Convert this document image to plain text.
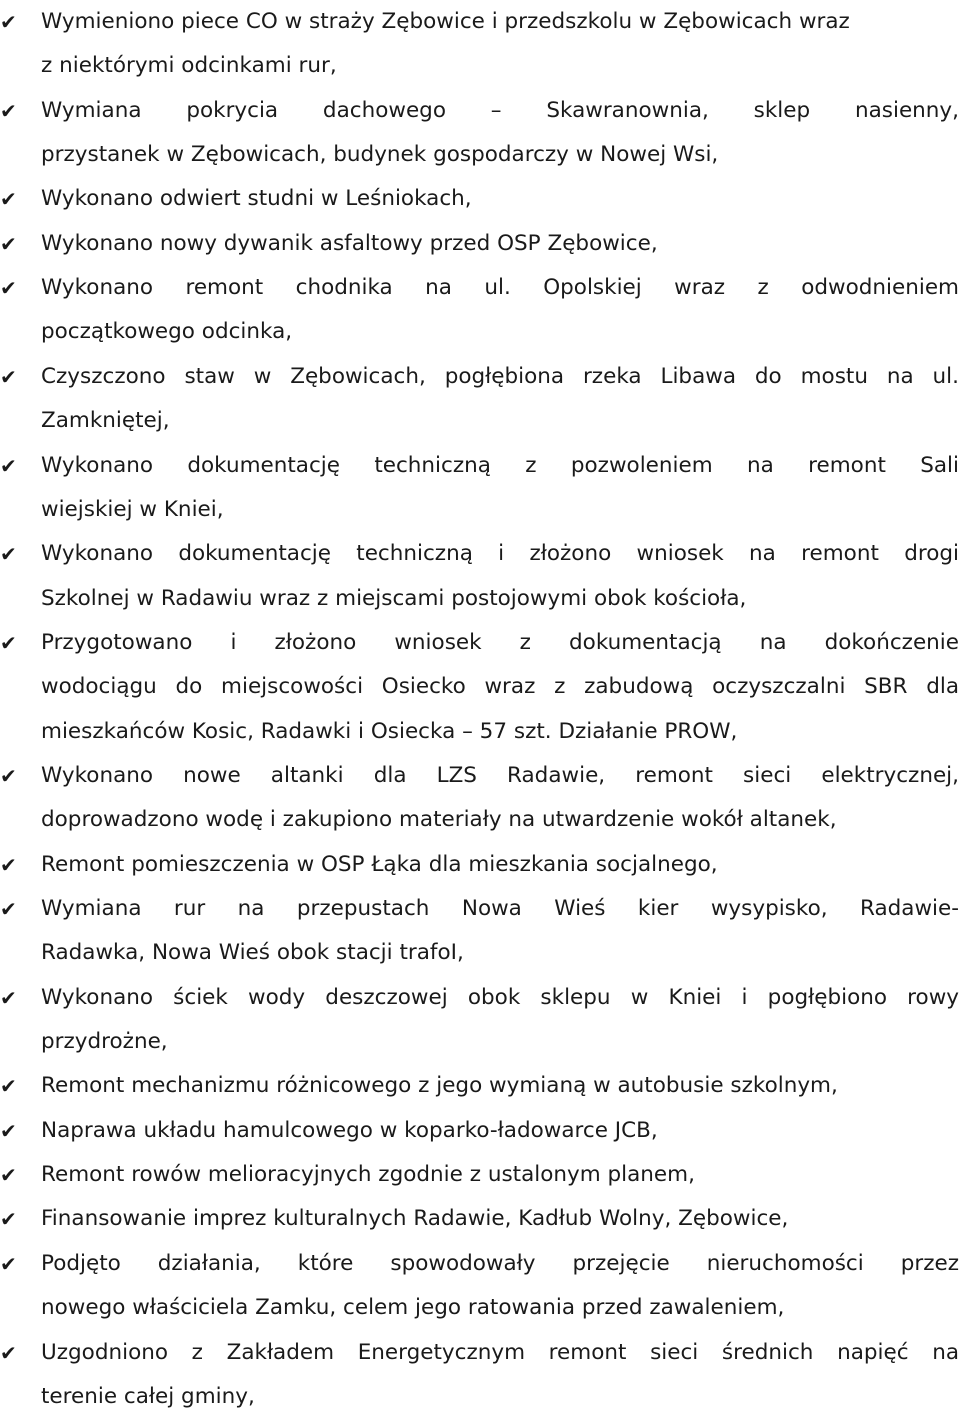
✔	Wymieniono piece CO w straży Zębowice i przedszkolu w Zębowicach wraz
z niektórymi odcinkami rur,
✔	Wymiana pokrycia dachowego – Skawranownia, sklep nasienny,
przystanek w Zębowicach, budynek gospodarczy w Nowej Wsi,
✔	Wykonano odwiert studni w Leśniokach,
✔	Wykonano nowy dywanik asfaltowy przed OSP Zębowice,
✔	Wykonano remont chodnika na ul. Opolskiej wraz z odwodnieniem
początkowego odcinka,
✔	Czyszczono staw w Zębowicach, pogłębiona rzeka Libawa do mostu na ul.
Zamkniętej,
✔	Wykonano dokumentację techniczną z pozwoleniem na remont Sali
wiejskiej w Kniei,
✔	Wykonano dokumentację techniczną i złożono wniosek na remont drogi
Szkolnej w Radawiu wraz z miejscami postojowymi obok kościoła,
✔	Przygotowano i złożono wniosek z dokumentacją na dokończenie
wodociągu do miejscowości Osiecko wraz z zabudową oczyszczalni SBR dla
mieszkańców Kosic, Radawki i Osiecka – 57 szt. Działanie PROW,
✔	Wykonano nowe altanki dla LZS Radawie, remont sieci elektrycznej,
doprowadzono wodę i zakupiono materiały na utwardzenie wokół altanek,
✔	Remont pomieszczenia w OSP Łąka dla mieszkania socjalnego,
✔	Wymiana rur na przepustach Nowa Wieś kier wysypisko, Radawie-
Radawka, Nowa Wieś obok stacji trafoI,
✔	Wykonano ściek wody deszczowej obok sklepu w Kniei i pogłębiono rowy
przydrożne,
✔	Remont mechanizmu różnicowego z jego wymianą w autobusie szkolnym,
✔	Naprawa układu hamulcowego w koparko-ładowarce JCB,
✔	Remont rowów melioracyjnych zgodnie z ustalonym planem,
✔	Finansowanie imprez kulturalnych Radawie, Kadłub Wolny, Zębowice,
✔	Podjęto działania, które spowodowały przejęcie nieruchomości przez
nowego właściciela Zamku, celem jego ratowania przed zawaleniem,
✔	Uzgodniono z Zakładem Energetycznym remont sieci średnich napięć na
terenie całej gminy,
